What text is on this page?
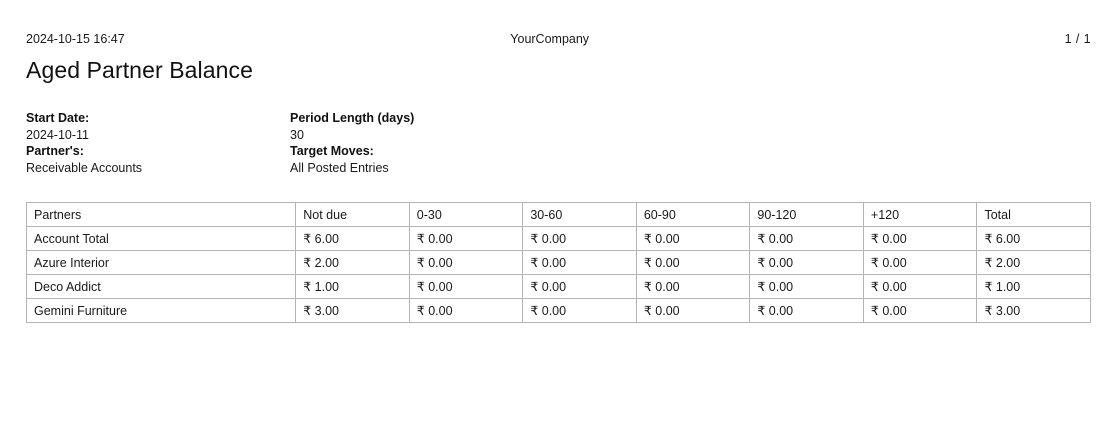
2024-10-15 16:47	YourCompany	1 / 1
Aged Partner Balance
Start Date:
2024-10-11
Partner's:
Receivable Accounts
Period Length (days)
30
Target Moves:
All Posted Entries
Partners	Not due	0-30	30-60	60-90	90-120	+120	Total
Account Total	₹ 6.00	₹ 0.00	₹ 0.00	₹ 0.00	₹ 0.00	₹ 0.00	₹ 6.00
Azure Interior	₹ 2.00	₹ 0.00	₹ 0.00	₹ 0.00	₹ 0.00	₹ 0.00	₹ 2.00
Deco Addict	₹ 1.00	₹ 0.00	₹ 0.00	₹ 0.00	₹ 0.00	₹ 0.00	₹ 1.00
Gemini Furniture	₹ 3.00	₹ 0.00	₹ 0.00	₹ 0.00	₹ 0.00	₹ 0.00	₹ 3.00
